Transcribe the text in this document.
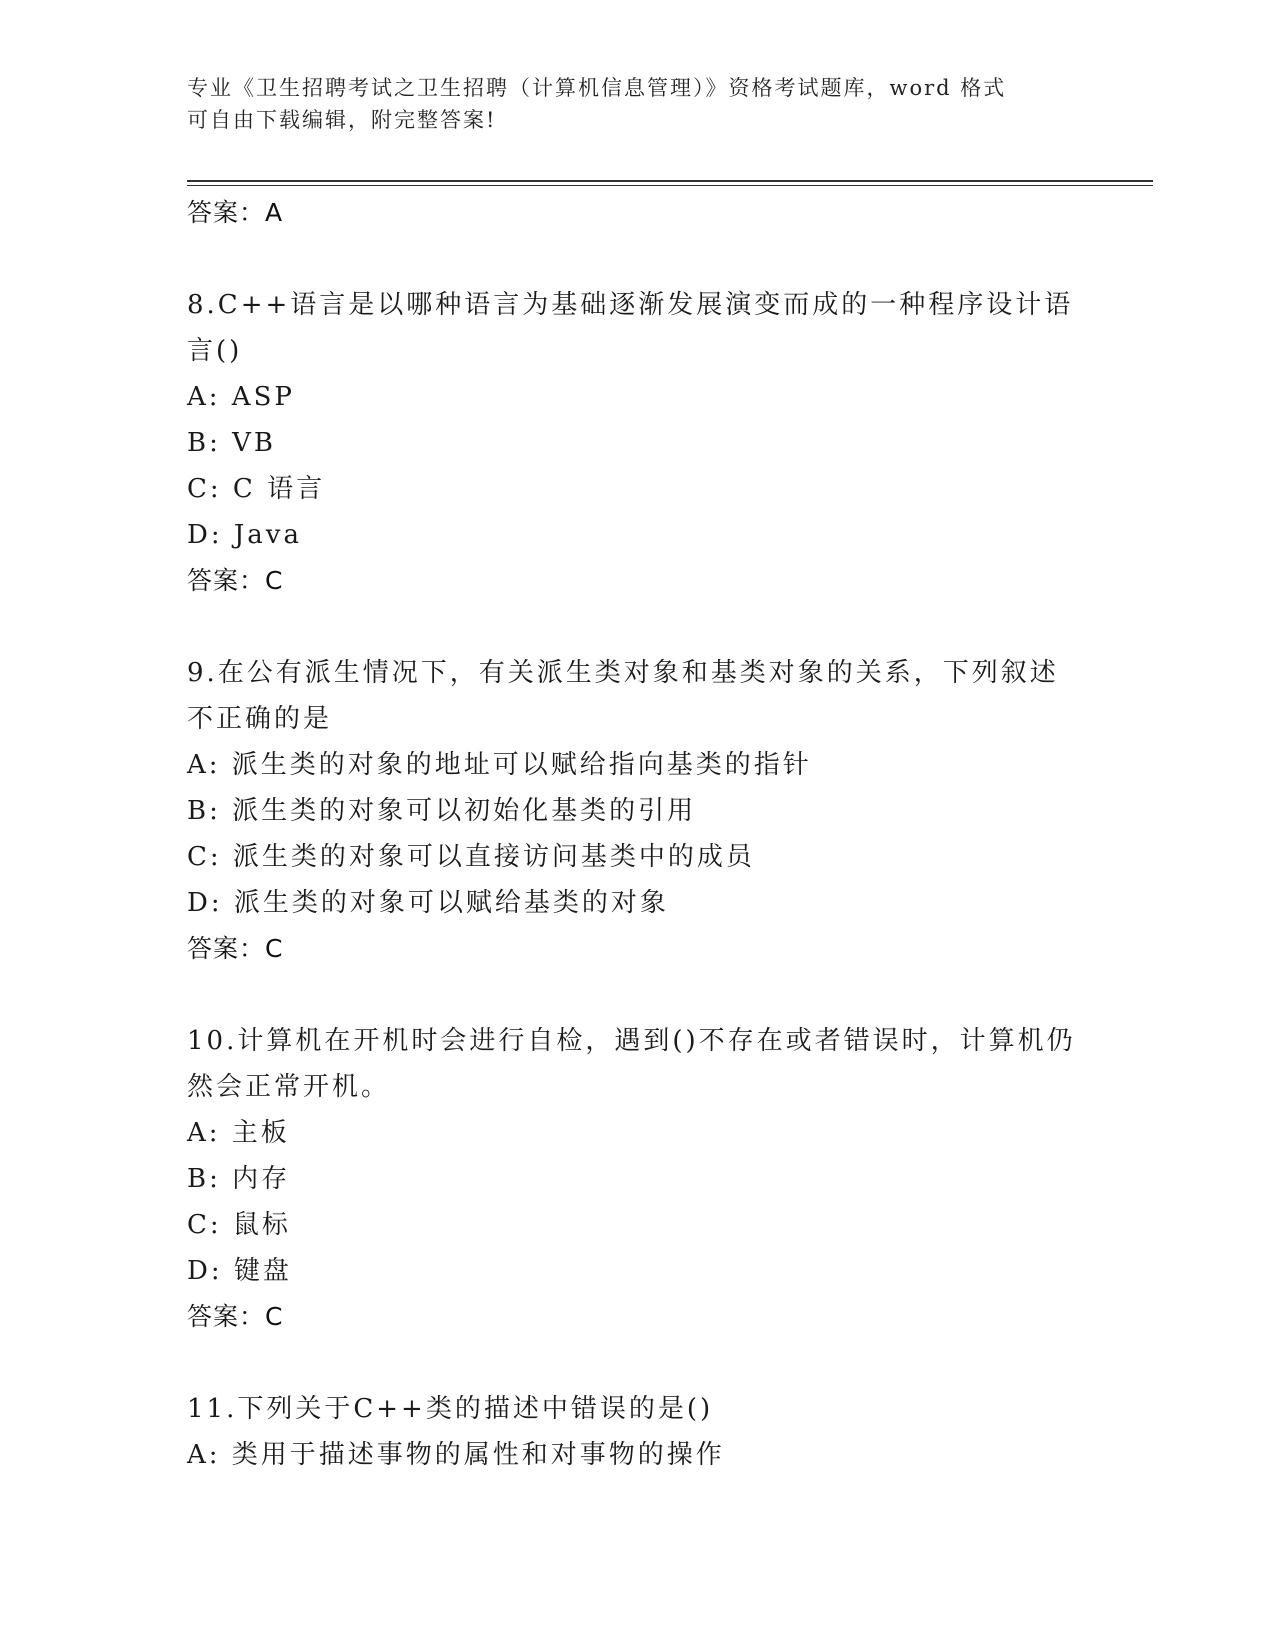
专业《卫生招聘考试之卫生招聘（计算机信息管理）》资格考试题库，word 格式
可自由下载编辑，附完整答案!
答案：A
8.C++语言是以哪种语言为基础逐渐发展演变而成的一种程序设计语言()
A: ASP
B: VB
C: C 语言
D: Java
答案：C
9.在公有派生情况下，有关派生类对象和基类对象的关系，下列叙述不正确的是
A: 派生类的对象的地址可以赋给指向基类的指针
B: 派生类的对象可以初始化基类的引用
C: 派生类的对象可以直接访问基类中的成员
D: 派生类的对象可以赋给基类的对象
答案：C
10.计算机在开机时会进行自检，遇到()不存在或者错误时，计算机仍然会正常开机。
A: 主板
B: 内存
C: 鼠标
D: 键盘
答案：C
11.下列关于C++类的描述中错误的是()
A: 类用于描述事物的属性和对事物的操作
